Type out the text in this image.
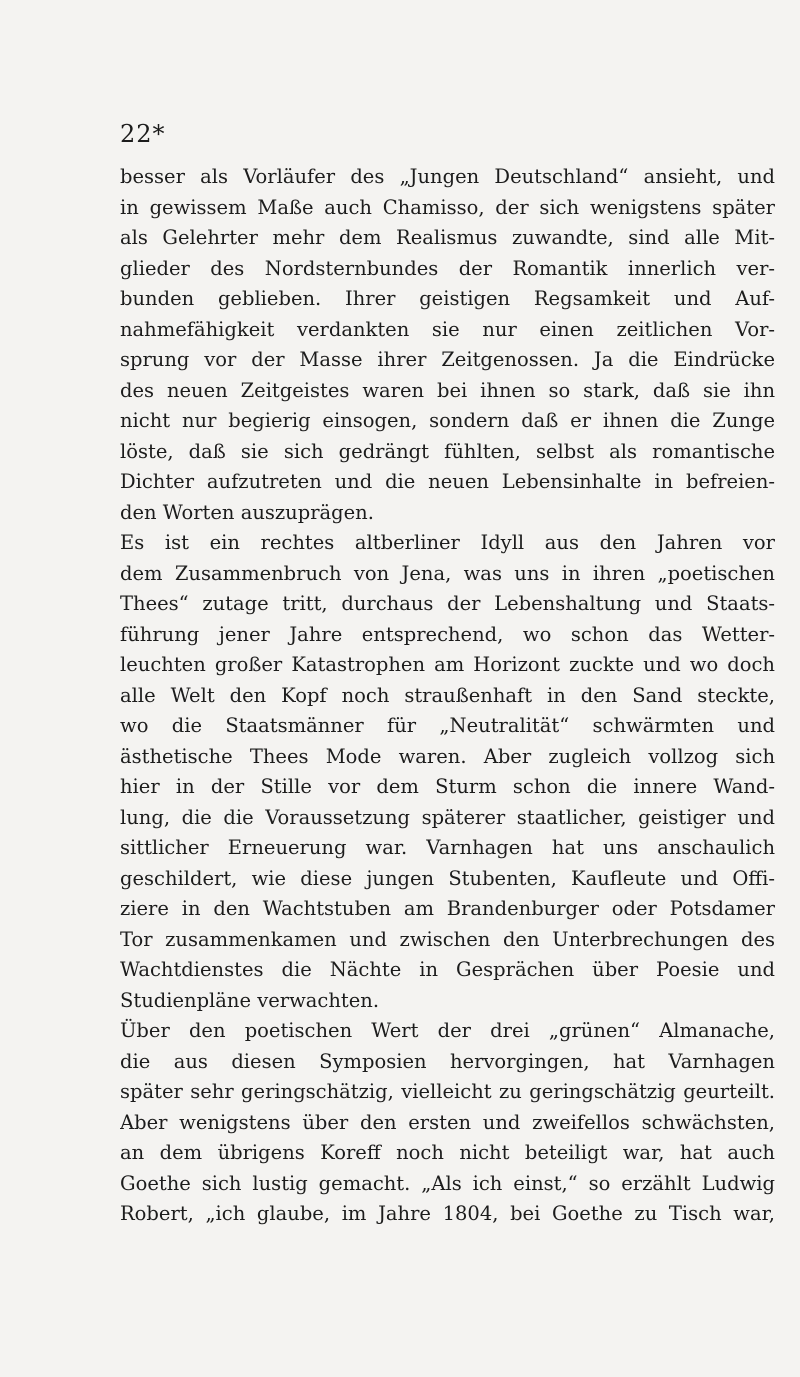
22*
besser als Vorläufer des „Jungen Deutschland“ ansieht, und
in gewissem Maße auch Chamisso, der sich wenigstens später
als Gelehrter mehr dem Realismus zuwandte, sind alle Mit-
glieder des Nordsternbundes der Romantik innerlich ver-
bunden geblieben. Ihrer geistigen Regsamkeit und Auf-
nahmefähigkeit verdankten sie nur einen zeitlichen Vor-
sprung vor der Masse ihrer Zeitgenossen. Ja die Eindrücke
des neuen Zeitgeistes waren bei ihnen so stark, daß sie ihn
nicht nur begierig einsogen, sondern daß er ihnen die Zunge
löste, daß sie sich gedrängt fühlten, selbst als romantische
Dichter aufzutreten und die neuen Lebensinhalte in befreien-
den Worten auszuprägen.
Es ist ein rechtes altberliner Idyll aus den Jahren vor
dem Zusammenbruch von Jena, was uns in ihren „poetischen
Thees“ zutage tritt, durchaus der Lebenshaltung und Staats-
führung jener Jahre entsprechend, wo schon das Wetter-
leuchten großer Katastrophen am Horizont zuckte und wo doch
alle Welt den Kopf noch straußenhaft in den Sand steckte,
wo die Staatsmänner für „Neutralität“ schwärmten und
ästhetische Thees Mode waren. Aber zugleich vollzog sich
hier in der Stille vor dem Sturm schon die innere Wand-
lung, die die Voraussetzung späterer staatlicher, geistiger und
sittlicher Erneuerung war. Varnhagen hat uns anschaulich
geschildert, wie diese jungen Stubenten, Kaufleute und Offi-
ziere in den Wachtstuben am Brandenburger oder Potsdamer
Tor zusammenkamen und zwischen den Unterbrechungen des
Wachtdienstes die Nächte in Gesprächen über Poesie und
Studienpläne verwachten.
Über den poetischen Wert der drei „grünen“ Almanache,
die aus diesen Symposien hervorgingen, hat Varnhagen
später sehr geringschätzig, vielleicht zu geringschätzig geurteilt.
Aber wenigstens über den ersten und zweifellos schwächsten,
an dem übrigens Koreff noch nicht beteiligt war, hat auch
Goethe sich lustig gemacht. „Als ich einst,“ so erzählt Ludwig
Robert, „ich glaube, im Jahre 1804, bei Goethe zu Tisch war,
